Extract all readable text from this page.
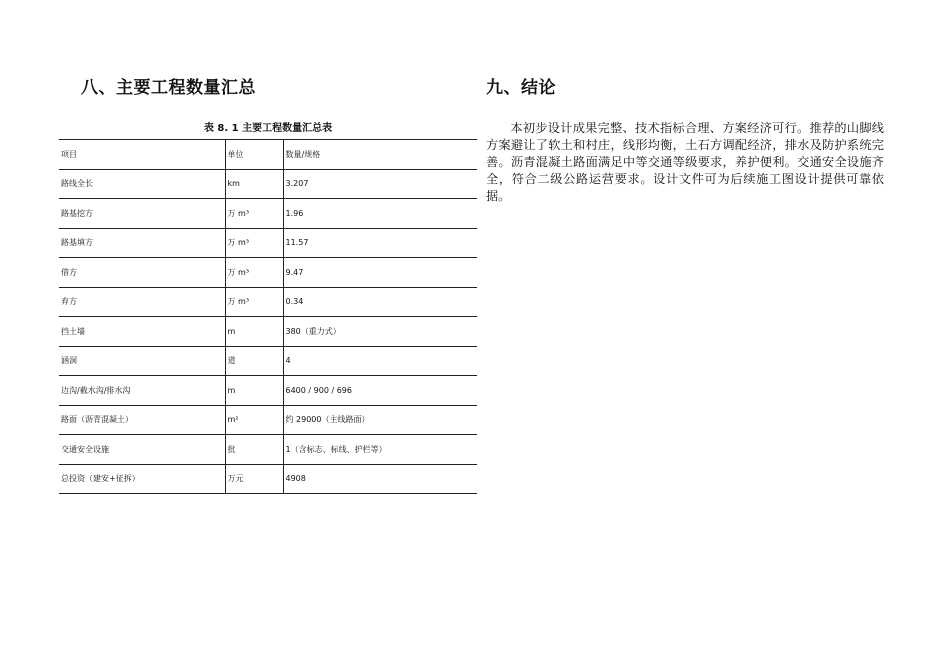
八、主要工程数量汇总
表 8. 1 主要工程数量汇总表
项目	单位	数量/规格
路线全长	km	3.207
路基挖方	万 m³	1.96
路基填方	万 m³	11.57
借方	万 m³	9.47
弃方	万 m³	0.34
挡土墙	m	380（重力式）
涵洞	道	4
边沟/截水沟/排水沟	m	6400 / 900 / 696
路面（沥青混凝土）	m²	约 29000（主线路面）
交通安全设施	批	1（含标志、标线、护栏等）
总投资（建安+征拆）	万元	4908
九、结论

本初步设计成果完整、技术指标合理、方案经济可行。推荐的山脚线方案避让了软土和村庄，线形均衡，土石方调配经济，排水及防护系统完善。沥青混凝土路面满足中等交通等级要求，养护便利。交通安全设施齐全，符合二级公路运营要求。设计文件可为后续施工图设计提供可靠依据。
